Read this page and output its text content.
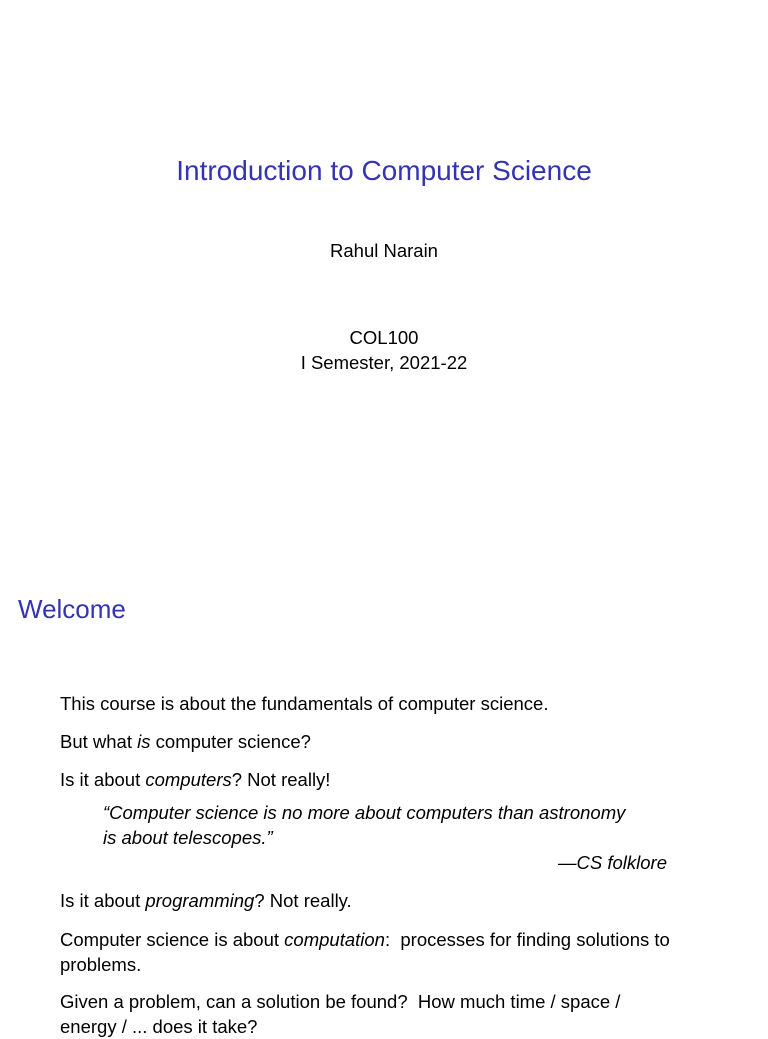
Introduction to Computer Science
Rahul Narain
COL100
I Semester, 2021-22
Welcome
This course is about the fundamentals of computer science.
But what is computer science?
Is it about computers? Not really!
“Computer science is no more about computers than astronomy
is about telescopes.”
—CS folklore
Is it about programming? Not really.
Computer science is about computation:  processes for finding solutions to
problems.
Given a problem, can a solution be found?  How much time / space /
energy / ... does it take?
